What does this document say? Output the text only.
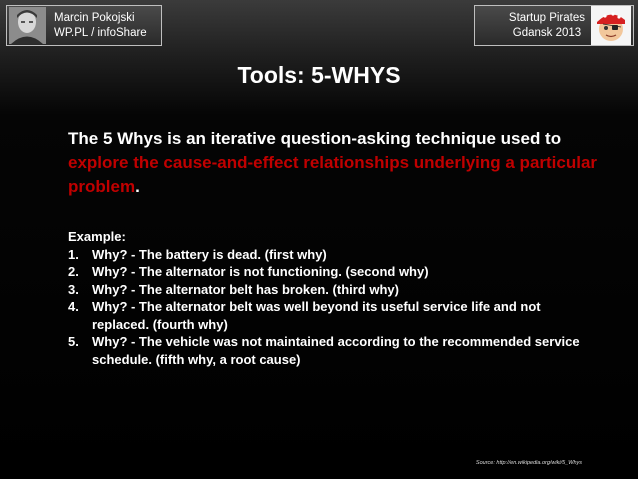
Marcin Pokojski
WP.PL / infoShare
Startup Pirates
Gdansk 2013
Tools: 5-WHYS
The 5 Whys is an iterative question-asking technique used to explore the cause-and-effect relationships underlying a particular problem.

Example:

1.	Why? - The battery is dead. (first why)
2.	Why? - The alternator is not functioning. (second why)
3.	Why? - The alternator belt has broken. (third why)
4.	Why? - The alternator belt was well beyond its useful service life and not replaced. (fourth why)
5.	Why? - The vehicle was not maintained according to the recommended service schedule. (fifth why, a root cause)
Source: http://en.wikipedia.org/wiki/5_Whys
